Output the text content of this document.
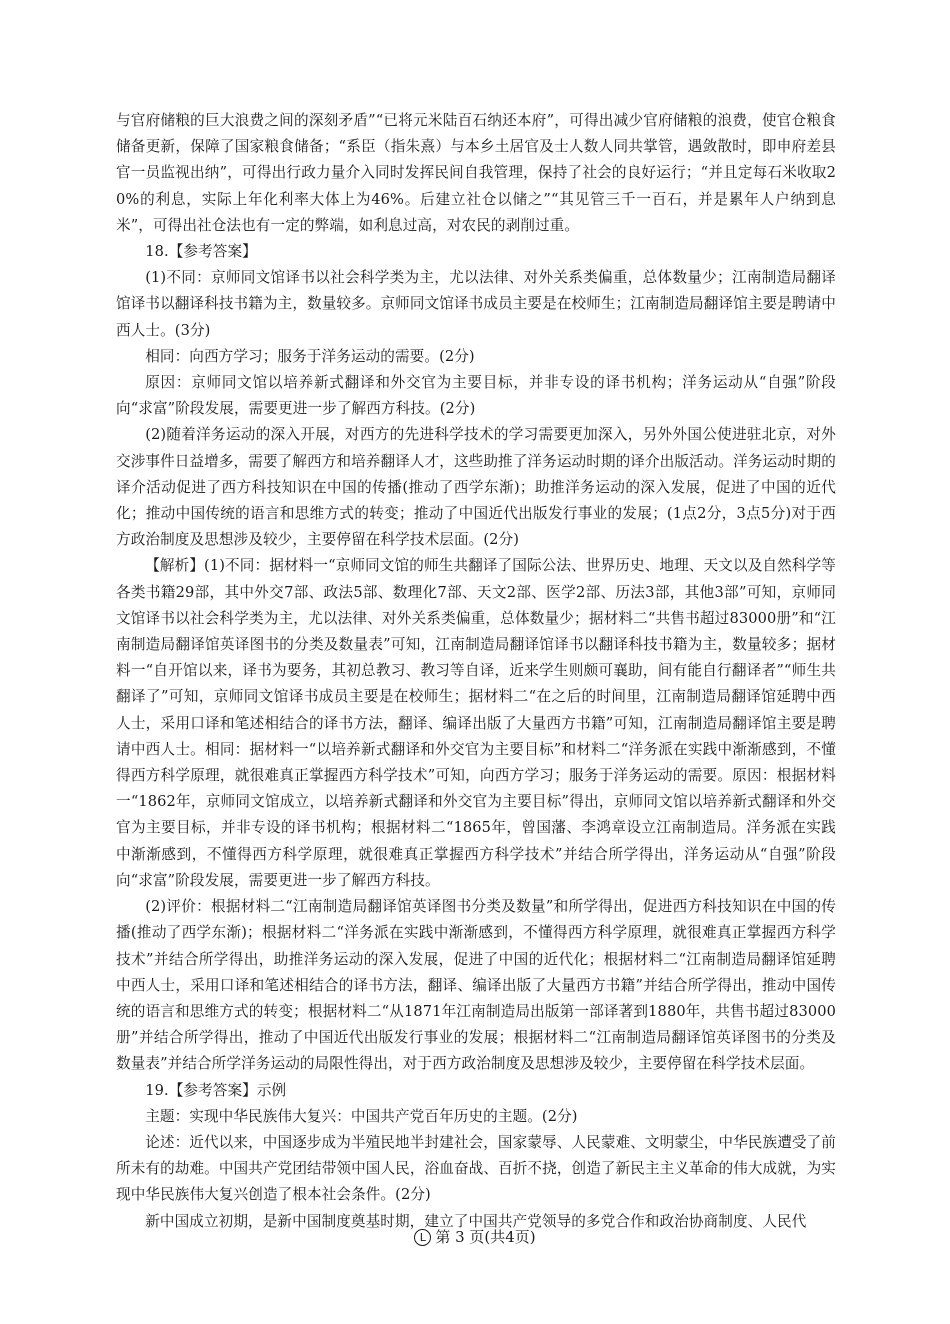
与官府储粮的巨大浪费之间的深刻矛盾”“已将元米陆百石纳还本府”，可得出减少官府储粮的浪费，使官仓粮食储备更新，保障了国家粮食储备；“系臣（指朱熹）与本乡土居官及士人数人同共掌管，遇敛散时，即申府差县官一员监视出纳”，可得出行政力量介入同时发挥民间自我管理，保持了社会的良好运行；“并且定每石米收取20%的利息，实际上年化利率大体上为46%。后建立社仓以储之”“其见管三千一百石，并是累年人户纳到息米”，可得出社仓法也有一定的弊端，如利息过高，对农民的剥削过重。

18.【参考答案】

(1)不同：京师同文馆译书以社会科学类为主，尤以法律、对外关系类偏重，总体数量少；江南制造局翻译馆译书以翻译科技书籍为主，数量较多。京师同文馆译书成员主要是在校师生；江南制造局翻译馆主要是聘请中西人士。(3分)

相同：向西方学习；服务于洋务运动的需要。(2分)

原因：京师同文馆以培养新式翻译和外交官为主要目标，并非专设的译书机构；洋务运动从“自强”阶段向“求富”阶段发展，需要更进一步了解西方科技。(2分)

(2)随着洋务运动的深入开展，对西方的先进科学技术的学习需要更加深入，另外外国公使进驻北京，对外交涉事件日益增多，需要了解西方和培养翻译人才，这些助推了洋务运动时期的译介出版活动。洋务运动时期的译介活动促进了西方科技知识在中国的传播(推动了西学东渐)；助推洋务运动的深入发展，促进了中国的近代化；推动中国传统的语言和思维方式的转变；推动了中国近代出版发行事业的发展；(1点2分，3点5分)对于西方政治制度及思想涉及较少，主要停留在科学技术层面。(2分)

【解析】(1)不同：据材料一“京师同文馆的师生共翻译了国际公法、世界历史、地理、天文以及自然科学等各类书籍29部，其中外交7部、政法5部、数理化7部、天文2部、医学2部、历法3部，其他3部”可知，京师同文馆译书以社会科学类为主，尤以法律、对外关系类偏重，总体数量少；据材料二“共售书超过83000册”和“江南制造局翻译馆英译图书的分类及数量表”可知，江南制造局翻译馆译书以翻译科技书籍为主，数量较多；据材料一“自开馆以来，译书为要务，其初总教习、教习等自译，近来学生则颇可襄助，间有能自行翻译者”“师生共翻译了”可知，京师同文馆译书成员主要是在校师生；据材料二“在之后的时间里，江南制造局翻译馆延聘中西人士，采用口译和笔述相结合的译书方法，翻译、编译出版了大量西方书籍”可知，江南制造局翻译馆主要是聘请中西人士。相同：据材料一“以培养新式翻译和外交官为主要目标”和材料二“洋务派在实践中渐渐感到，不懂得西方科学原理，就很难真正掌握西方科学技术”可知，向西方学习；服务于洋务运动的需要。原因：根据材料一“1862年，京师同文馆成立，以培养新式翻译和外交官为主要目标”得出，京师同文馆以培养新式翻译和外交官为主要目标，并非专设的译书机构；根据材料二“1865年，曾国藩、李鸿章设立江南制造局。洋务派在实践中渐渐感到，不懂得西方科学原理，就很难真正掌握西方科学技术”并结合所学得出，洋务运动从“自强”阶段向“求富”阶段发展，需要更进一步了解西方科技。

(2)评价：根据材料二“江南制造局翻译馆英译图书分类及数量”和所学得出，促进西方科技知识在中国的传播(推动了西学东渐)；根据材料二“洋务派在实践中渐渐感到，不懂得西方科学原理，就很难真正掌握西方科学技术”并结合所学得出，助推洋务运动的深入发展，促进了中国的近代化；根据材料二“江南制造局翻译馆延聘中西人士，采用口译和笔述相结合的译书方法，翻译、编译出版了大量西方书籍”并结合所学得出，推动中国传统的语言和思维方式的转变；根据材料二“从1871年江南制造局出版第一部译著到1880年，共售书超过83000册”并结合所学得出，推动了中国近代出版发行事业的发展；根据材料二“江南制造局翻译馆英译图书的分类及数量表”并结合所学洋务运动的局限性得出，对于西方政治制度及思想涉及较少，主要停留在科学技术层面。

19.【参考答案】示例

主题：实现中华民族伟大复兴：中国共产党百年历史的主题。(2分)

论述：近代以来，中国逐步成为半殖民地半封建社会，国家蒙辱、人民蒙难、文明蒙尘，中华民族遭受了前所未有的劫难。中国共产党团结带领中国人民，浴血奋战、百折不挠，创造了新民主主义革命的伟大成就，为实现中华民族伟大复兴创造了根本社会条件。(2分)

新中国成立初期，是新中国制度奠基时期，建立了中国共产党领导的多党合作和政治协商制度、人民代

L 第 3 页(共4页)
